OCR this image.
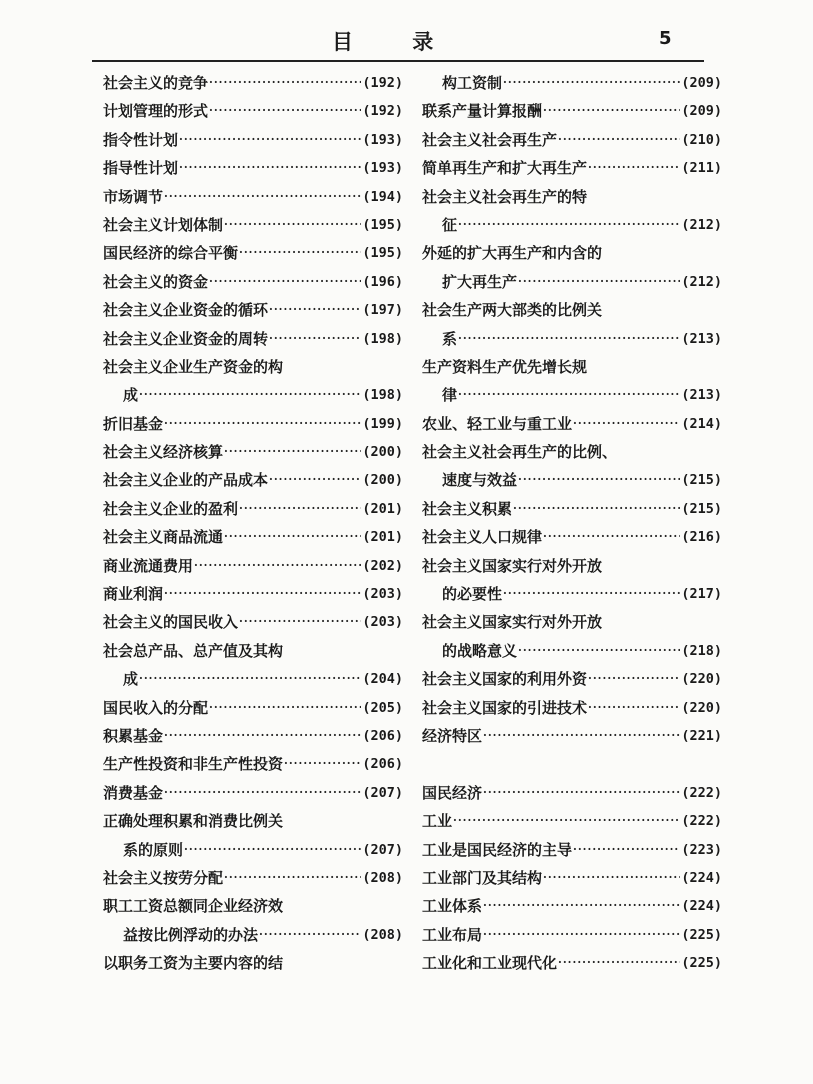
目 录	5
社会主义的竞争 ·····	(192)
计划管理的形式 ·····	(192)
指令性计划 ·····	(193)
指导性计划 ·····	(193)
市场调节 ·····	(194)
社会主义计划体制 ·····	(195)
国民经济的综合平衡 ·····	(195)
社会主义的资金 ·····	(196)
社会主义企业资金的循环 ·····	(197)
社会主义企业资金的周转 ·····	(198)
社会主义企业生产资金的构
成 ·····	(198)
折旧基金 ·····	(199)
社会主义经济核算 ·····	(200)
社会主义企业的产品成本 ·····	(200)
社会主义企业的盈利 ·····	(201)
社会主义商品流通 ·····	(201)
商业流通费用 ·····	(202)
商业利润 ·····	(203)
社会主义的国民收入 ·····	(203)
社会总产品、总产值及其构
成 ·····	(204)
国民收入的分配 ·····	(205)
积累基金 ·····	(206)
生产性投资和非生产性投资 ·····	(206)
消费基金 ·····	(207)
正确处理积累和消费比例关
系的原则 ·····	(207)
社会主义按劳分配 ·····	(208)
职工工资总额同企业经济效
益按比例浮动的办法 ·····	(208)
以职务工资为主要内容的结
构工资制 ·····	(209)
联系产量计算报酬 ·····	(209)
社会主义社会再生产 ·····	(210)
简单再生产和扩大再生产 ·····	(211)
社会主义社会再生产的特
征 ·····	(212)
外延的扩大再生产和内含的
扩大再生产 ·····	(212)
社会生产两大部类的比例关
系 ·····	(213)
生产资料生产优先增长规
律 ·····	(213)
农业、轻工业与重工业 ·····	(214)
社会主义社会再生产的比例、
速度与效益 ·····	(215)
社会主义积累 ·····	(215)
社会主义人口规律 ·····	(216)
社会主义国家实行对外开放
的必要性 ·····	(217)
社会主义国家实行对外开放
的战略意义 ·····	(218)
社会主义国家的利用外资 ·····	(220)
社会主义国家的引进技术 ·····	(220)
经济特区 ·····	(221)
国民经济 ·····	(222)
工业 ·····	(222)
工业是国民经济的主导 ·····	(223)
工业部门及其结构 ·····	(224)
工业体系 ·····	(224)
工业布局 ·····	(225)
工业化和工业现代化 ·····	(225)
